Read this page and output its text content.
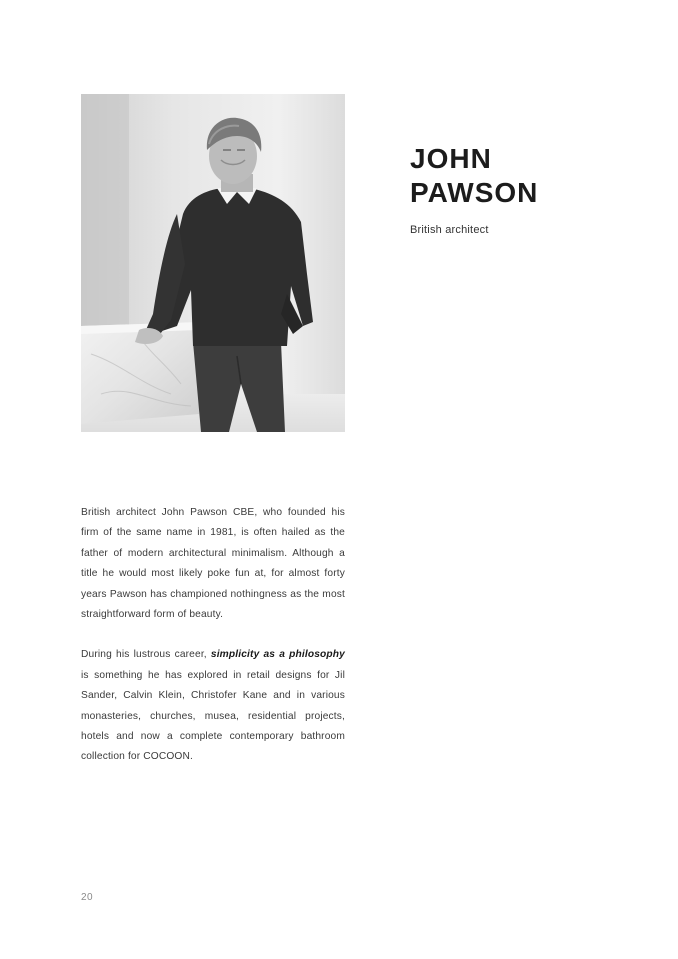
JOHN
PAWSON

British architect

British architect John Pawson CBE, who founded his firm of the same name in 1981, is often hailed as the father of modern architectural minimalism. Although a title he would most likely poke fun at, for almost forty years Pawson has championed nothingness as the most straightforward form of beauty.

During his lustrous career, simplicity as a philosophy is something he has explored in retail designs for Jil Sander, Calvin Klein, Christofer Kane and in various monasteries, churches, musea, residential projects, hotels and now a complete contemporary bathroom collection for COCOON.

20
